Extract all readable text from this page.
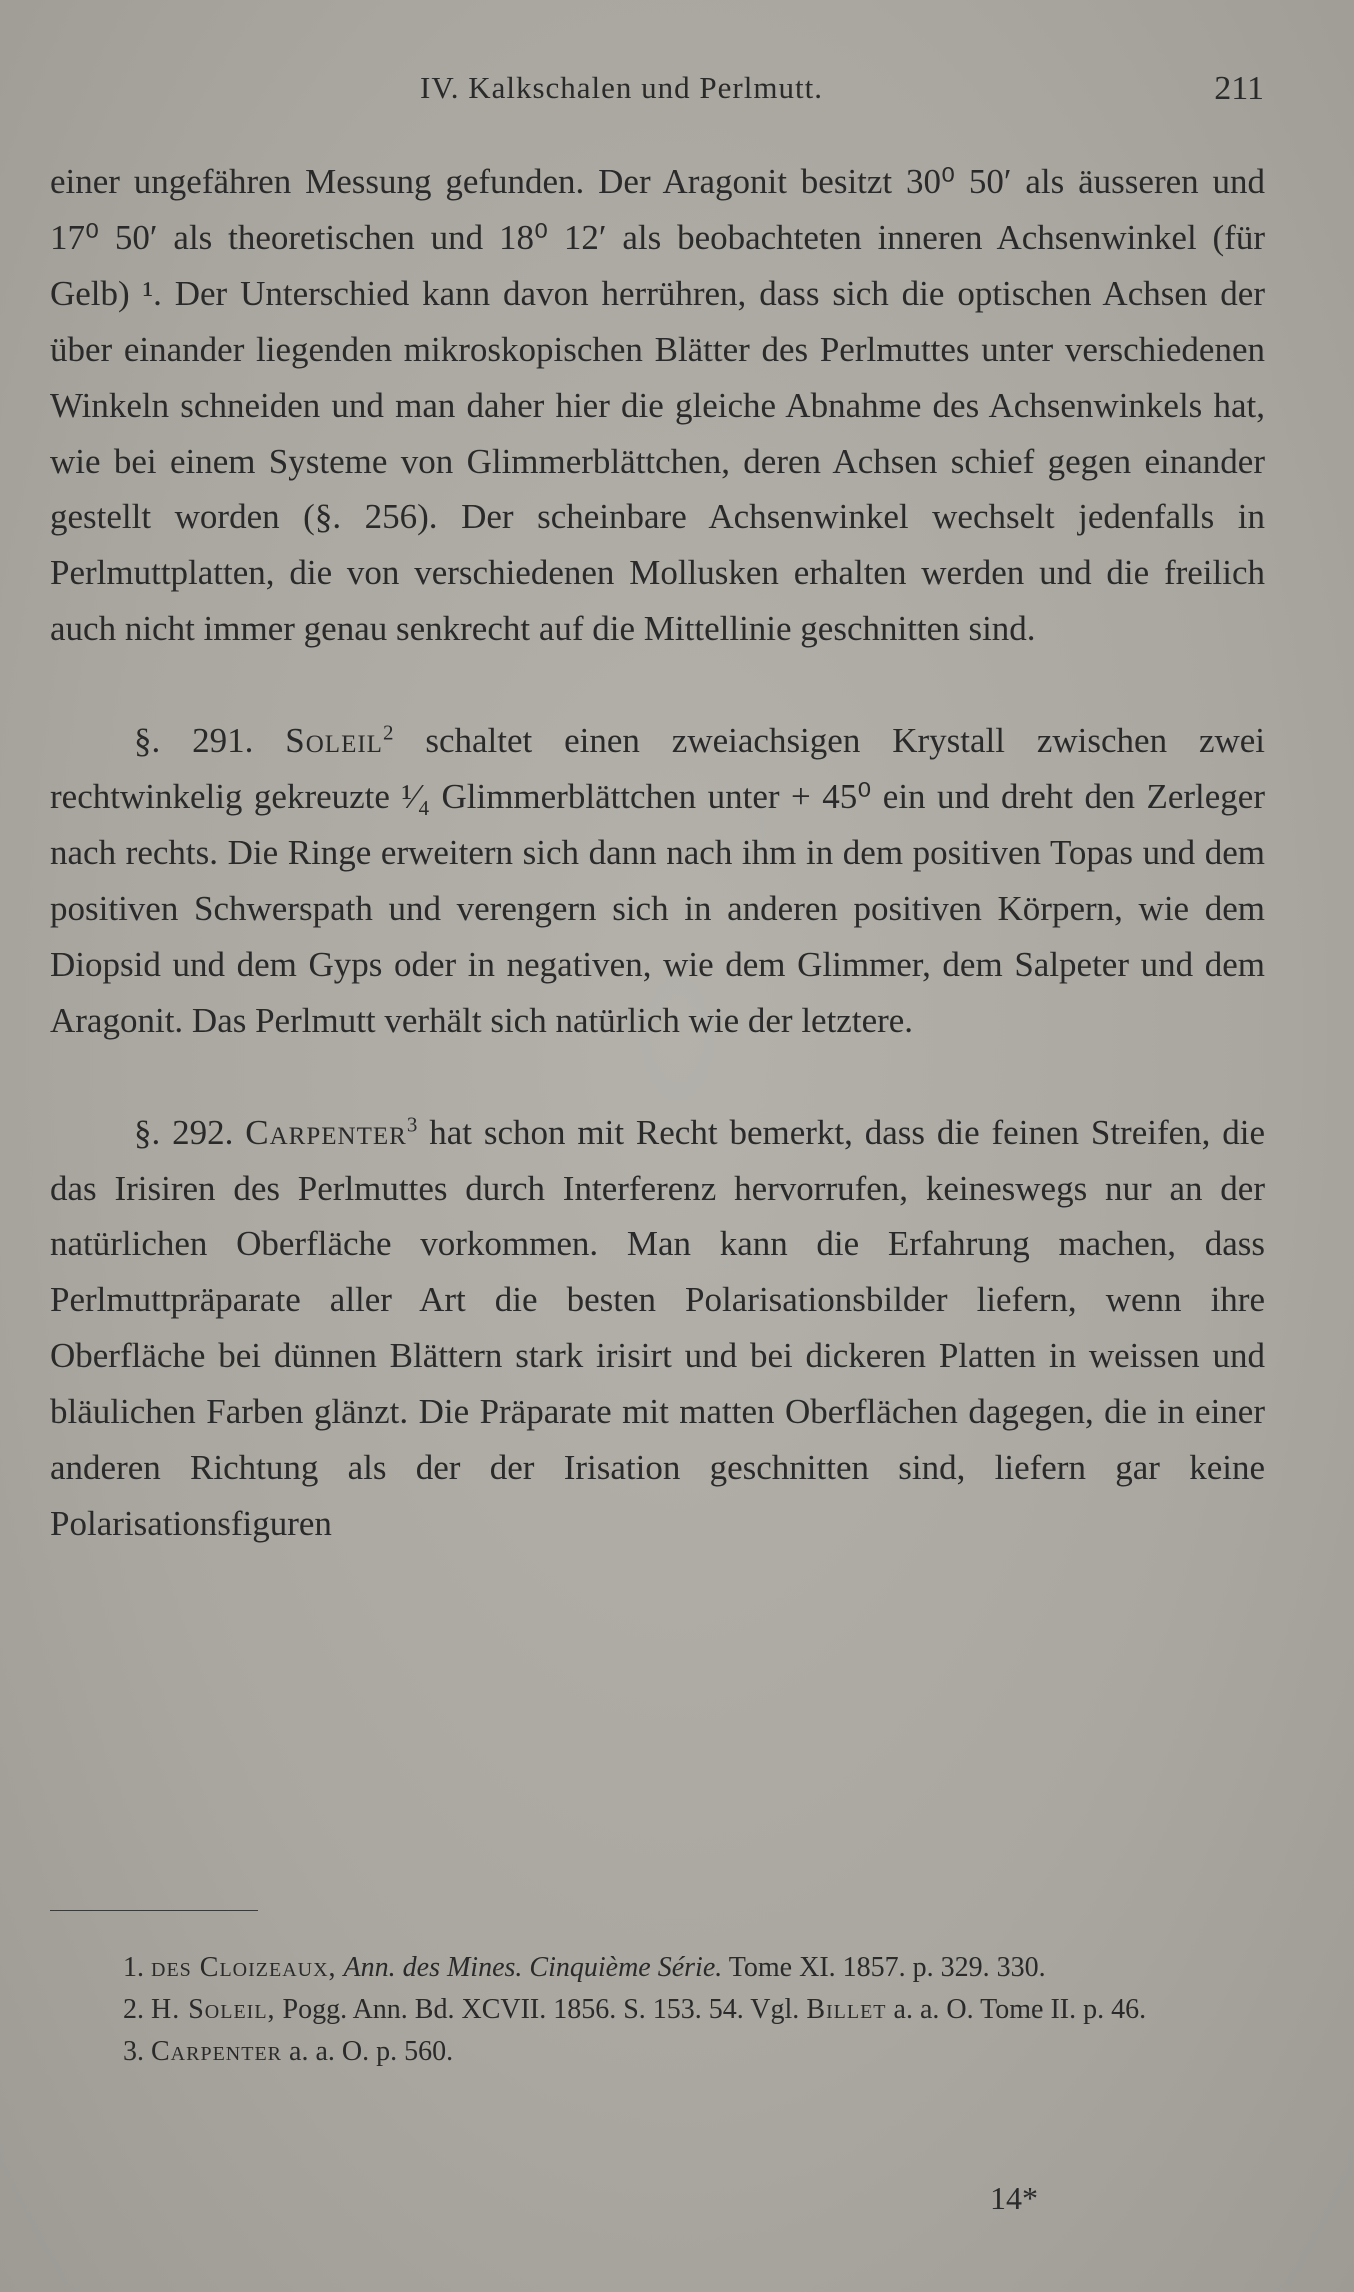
IV. Kalkschalen und Perlmutt.	211

einer ungefähren Messung gefunden. Der Aragonit besitzt 30⁰ 50′ als äusseren und 17⁰ 50′ als theoretischen und 18⁰ 12′ als beobachteten inneren Achsenwinkel (für Gelb) ¹. Der Unterschied kann davon herrühren, dass sich die optischen Achsen der über einander liegenden mikroskopischen Blätter des Perlmuttes unter verschiedenen Winkeln schneiden und man daher hier die gleiche Abnahme des Achsenwinkels hat, wie bei einem Systeme von Glimmerblättchen, deren Achsen schief gegen einander gestellt worden (§. 256). Der scheinbare Achsenwinkel wechselt jedenfalls in Perlmuttplatten, die von verschiedenen Mollusken erhalten werden und die freilich auch nicht immer genau senkrecht auf die Mittellinie geschnitten sind.

§. 291. Soleil$^2$ schaltet einen zweiachsigen Krystall zwischen zwei rechtwinkelig gekreuzte ¹⁄₄ Glimmerblättchen unter + 45⁰ ein und dreht den Zerleger nach rechts. Die Ringe erweitern sich dann nach ihm in dem positiven Topas und dem positiven Schwerspath und verengern sich in anderen positiven Körpern, wie dem Diopsid und dem Gyps oder in negativen, wie dem Glimmer, dem Salpeter und dem Aragonit. Das Perlmutt verhält sich natürlich wie der letztere.

§. 292. Carpenter$^3$ hat schon mit Recht bemerkt, dass die feinen Streifen, die das Irisiren des Perlmuttes durch Interferenz hervorrufen, keineswegs nur an der natürlichen Oberfläche vorkommen. Man kann die Erfahrung machen, dass Perlmuttpräparate aller Art die besten Polarisationsbilder liefern, wenn ihre Oberfläche bei dünnen Blättern stark irisirt und bei dickeren Platten in weissen und bläulichen Farben glänzt. Die Präparate mit matten Oberflächen dagegen, die in einer anderen Richtung als der der Irisation geschnitten sind, liefern gar keine Polarisationsfiguren

1. des Cloizeaux, Ann. des Mines. Cinquième Série. Tome XI. 1857. p. 329. 330.

2. H. Soleil, Pogg. Ann. Bd. XCVII. 1856. S. 153. 54. Vgl. Billet a. a. O. Tome II. p. 46.

3. Carpenter a. a. O. p. 560.

14*
